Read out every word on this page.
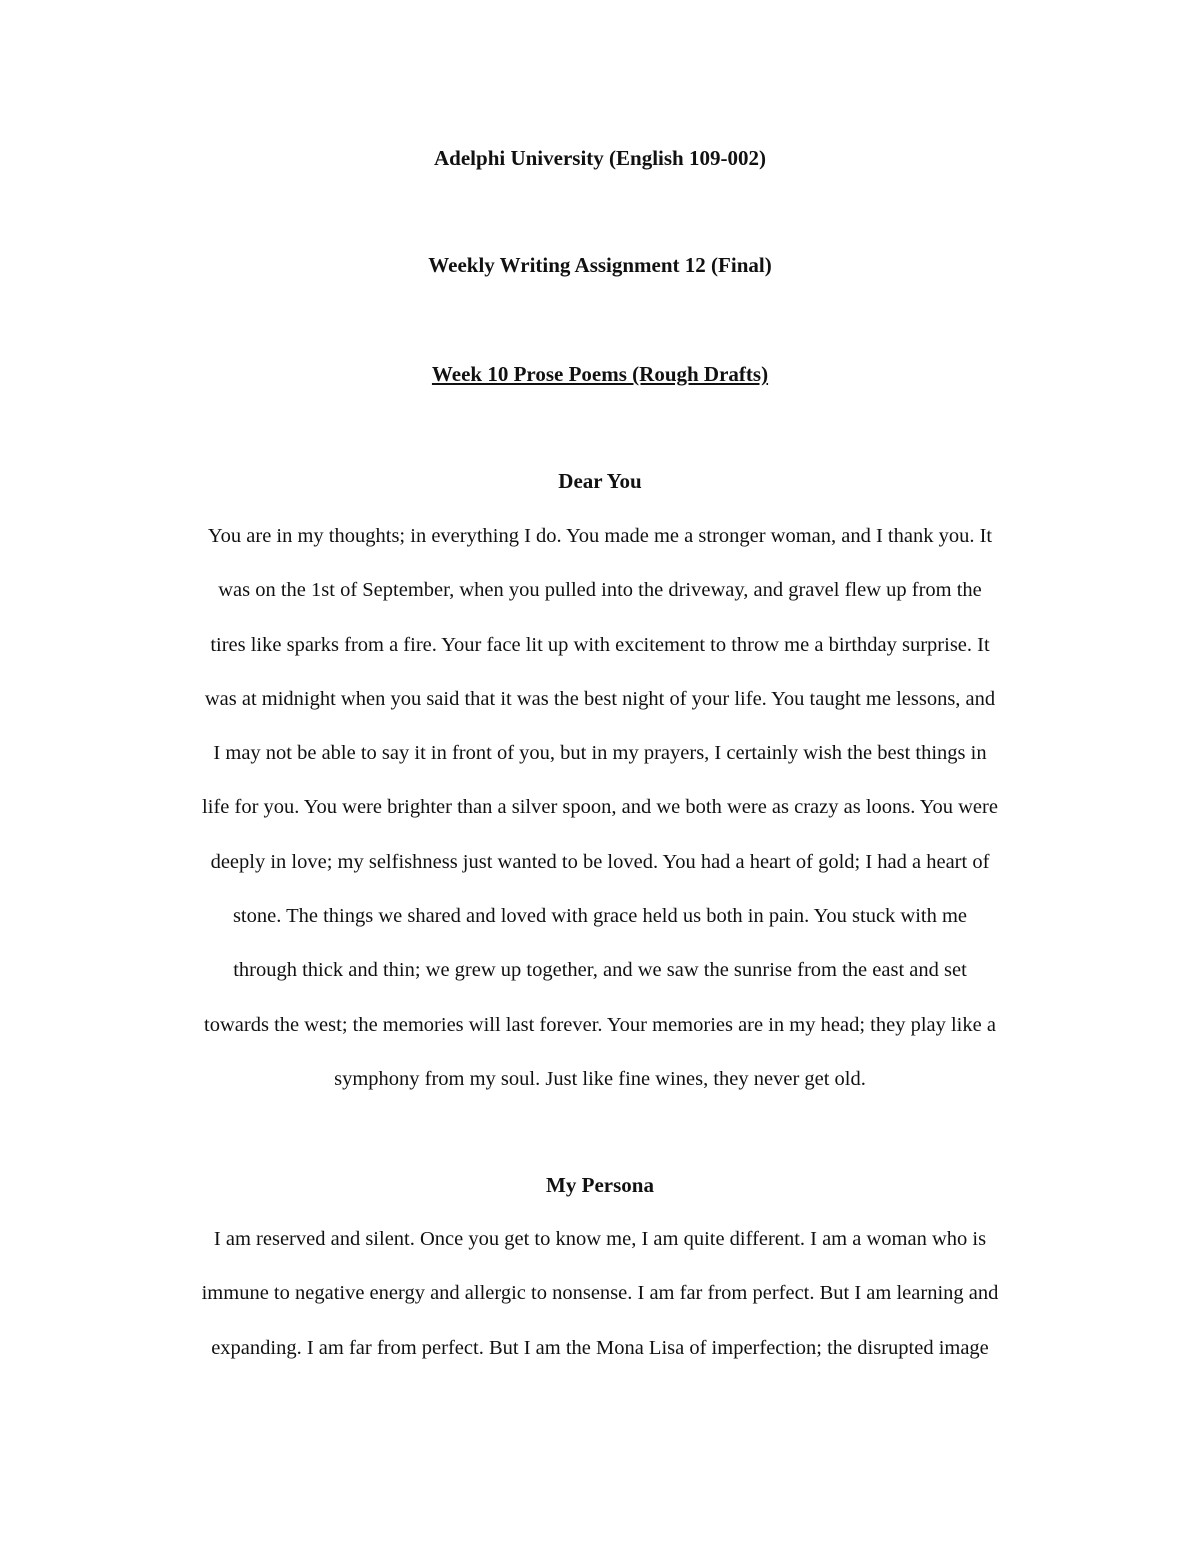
Adelphi University (English 109-002)
Weekly Writing Assignment 12 (Final)
Week 10 Prose Poems (Rough Drafts)
Dear You
You are in my thoughts; in everything I do. You made me a stronger woman, and I thank you. It
was on the 1st of September, when you pulled into the driveway, and gravel flew up from the
tires like sparks from a fire. Your face lit up with excitement to throw me a birthday surprise. It
was at midnight when you said that it was the best night of your life. You taught me lessons, and
I may not be able to say it in front of you, but in my prayers, I certainly wish the best things in
life for you. You were brighter than a silver spoon, and we both were as crazy as loons. You were
deeply in love; my selfishness just wanted to be loved. You had a heart of gold; I had a heart of
stone. The things we shared and loved with grace held us both in pain. You stuck with me
through thick and thin; we grew up together, and we saw the sunrise from the east and set
towards the west; the memories will last forever. Your memories are in my head; they play like a
symphony from my soul. Just like fine wines, they never get old.
My Persona
I am reserved and silent. Once you get to know me, I am quite different. I am a woman who is
immune to negative energy and allergic to nonsense. I am far from perfect. But I am learning and
expanding. I am far from perfect. But I am the Mona Lisa of imperfection; the disrupted image
